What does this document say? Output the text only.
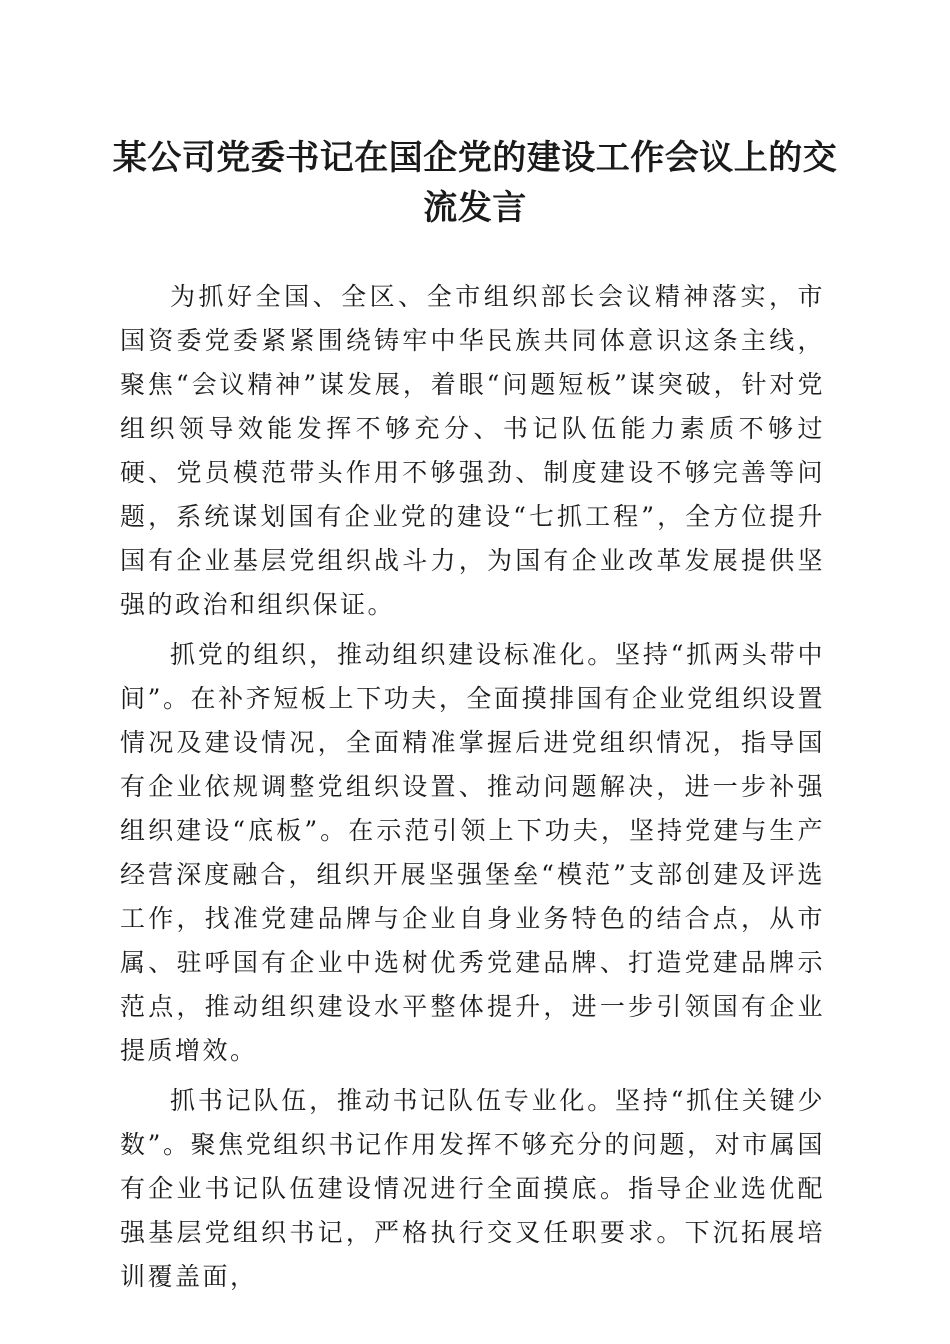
某公司党委书记在国企党的建设工作会议上的交流发言

为抓好全国、全区、全市组织部长会议精神落实，市国资委党委紧紧围绕铸牢中华民族共同体意识这条主线，聚焦“会议精神”谋发展，着眼“问题短板”谋突破，针对党组织领导效能发挥不够充分、书记队伍能力素质不够过硬、党员模范带头作用不够强劲、制度建设不够完善等问题，系统谋划国有企业党的建设“七抓工程”，全方位提升国有企业基层党组织战斗力，为国有企业改革发展提供坚强的政治和组织保证。

抓党的组织，推动组织建设标准化。坚持“抓两头带中间”。在补齐短板上下功夫，全面摸排国有企业党组织设置情况及建设情况，全面精准掌握后进党组织情况，指导国有企业依规调整党组织设置、推动问题解决，进一步补强组织建设“底板”。在示范引领上下功夫，坚持党建与生产经营深度融合，组织开展坚强堡垒“模范”支部创建及评选工作，找准党建品牌与企业自身业务特色的结合点，从市属、驻呼国有企业中选树优秀党建品牌、打造党建品牌示范点，推动组织建设水平整体提升，进一步引领国有企业提质增效。

抓书记队伍，推动书记队伍专业化。坚持“抓住关键少数”。聚焦党组织书记作用发挥不够充分的问题，对市属国有企业书记队伍建设情况进行全面摸底。指导企业选优配强基层党组织书记，严格执行交叉任职要求。下沉拓展培训覆盖面，
